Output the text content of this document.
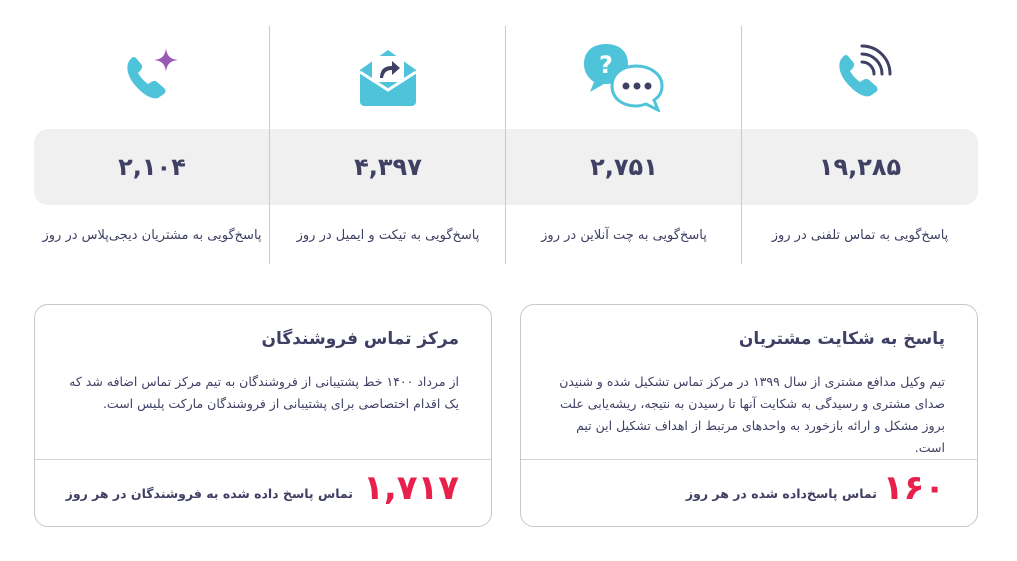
۱۹,۲۸۵
پاسخ‌گویی به تماس تلفنی در روز
?
۲,۷۵۱
پاسخ‌گویی به چت آنلاین در روز
۴,۳۹۷
پاسخ‌گویی به تیکت و ایمیل در روز
۲,۱۰۴
پاسخ‌گویی به مشتریان دیجی‌پلاس در روز
پاسخ به شکایت مشتریان
تیم وکیل مدافع مشتری از سال ۱۳۹۹ در مرکز تماس تشکیل شده و شنیدن صدای مشتری و رسیدگی به شکایت آنها تا رسیدن به نتیجه، ریشه‌یابی علت بروز مشکل و ارائه بازخورد به واحدهای مرتبط از اهداف تشکیل این تیم است.
۱۶۰
تماس پاسخ‌داده شده در هر روز
مرکز تماس فروشندگان
از مرداد ۱۴۰۰ خط پشتیبانی از فروشندگان به تیم مرکز تماس اضافه شد که یک اقدام اختصاصی برای پشتیبانی از فروشندگان مارکت پلیس است.
۱,۷۱۷
تماس پاسخ داده شده به فروشندگان در هر روز
